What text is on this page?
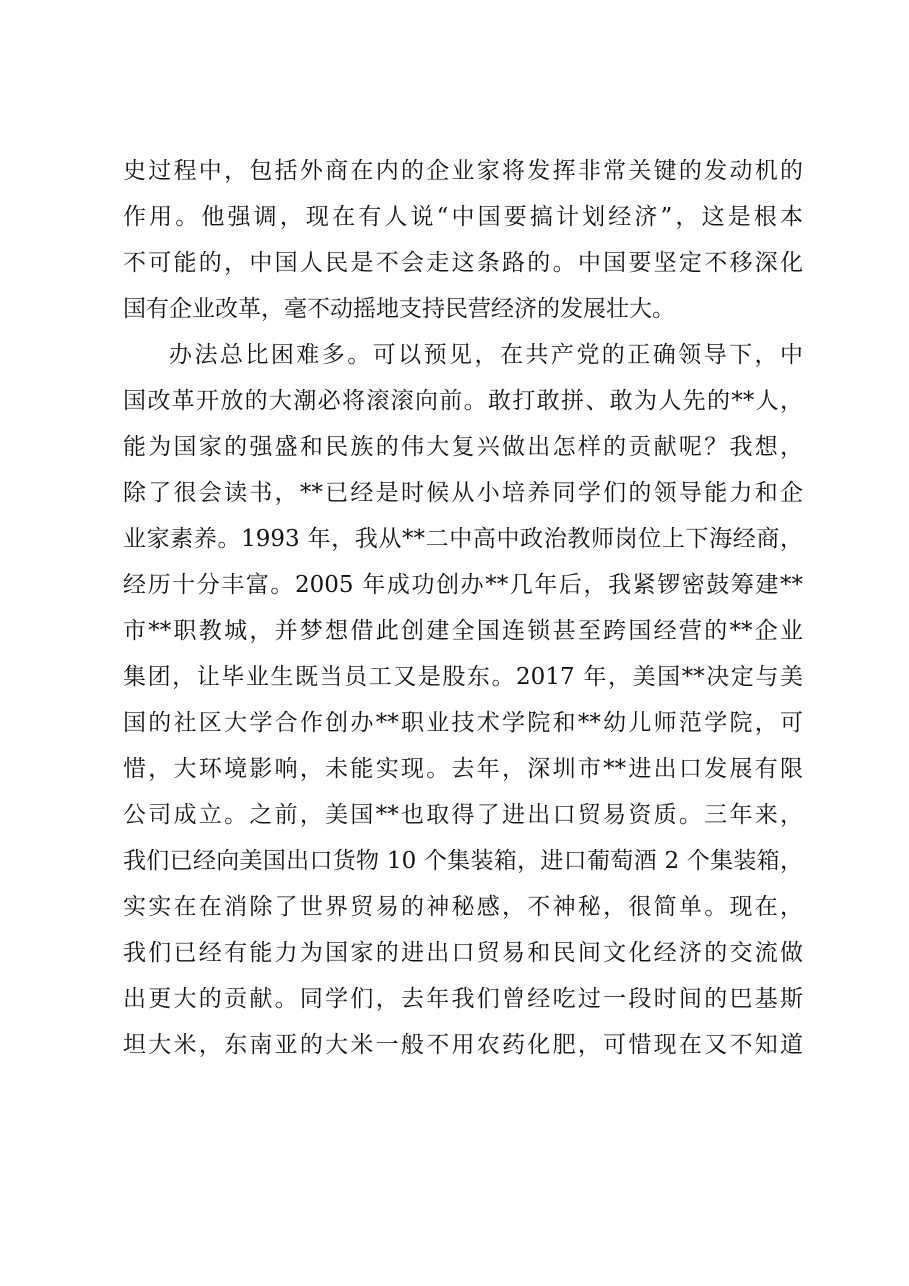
史过程中，包括外商在内的企业家将发挥非常关键的发动机的
作用。他强调，现在有人说“中国要搞计划经济”，这是根本
不可能的，中国人民是不会走这条路的。中国要坚定不移深化
国有企业改革，毫不动摇地支持民营经济的发展壮大。
办法总比困难多。可以预见，在共产党的正确领导下，中
国改革开放的大潮必将滚滚向前。敢打敢拼、敢为人先的**人，
能为国家的强盛和民族的伟大复兴做出怎样的贡献呢？我想，
除了很会读书，**已经是时候从小培养同学们的领导能力和企
业家素养。1993 年，我从**二中高中政治教师岗位上下海经商，
经历十分丰富。2005 年成功创办**几年后，我紧锣密鼓筹建**
市**职教城，并梦想借此创建全国连锁甚至跨国经营的**企业
集团，让毕业生既当员工又是股东。2017 年，美国**决定与美
国的社区大学合作创办**职业技术学院和**幼儿师范学院，可
惜，大环境影响，未能实现。去年，深圳市**进出口发展有限
公司成立。之前，美国**也取得了进出口贸易资质。三年来，
我们已经向美国出口货物 10 个集装箱，进口葡萄酒 2 个集装箱，
实实在在消除了世界贸易的神秘感，不神秘，很简单。现在，
我们已经有能力为国家的进出口贸易和民间文化经济的交流做
出更大的贡献。同学们，去年我们曾经吃过一段时间的巴基斯
坦大米，东南亚的大米一般不用农药化肥，可惜现在又不知道
